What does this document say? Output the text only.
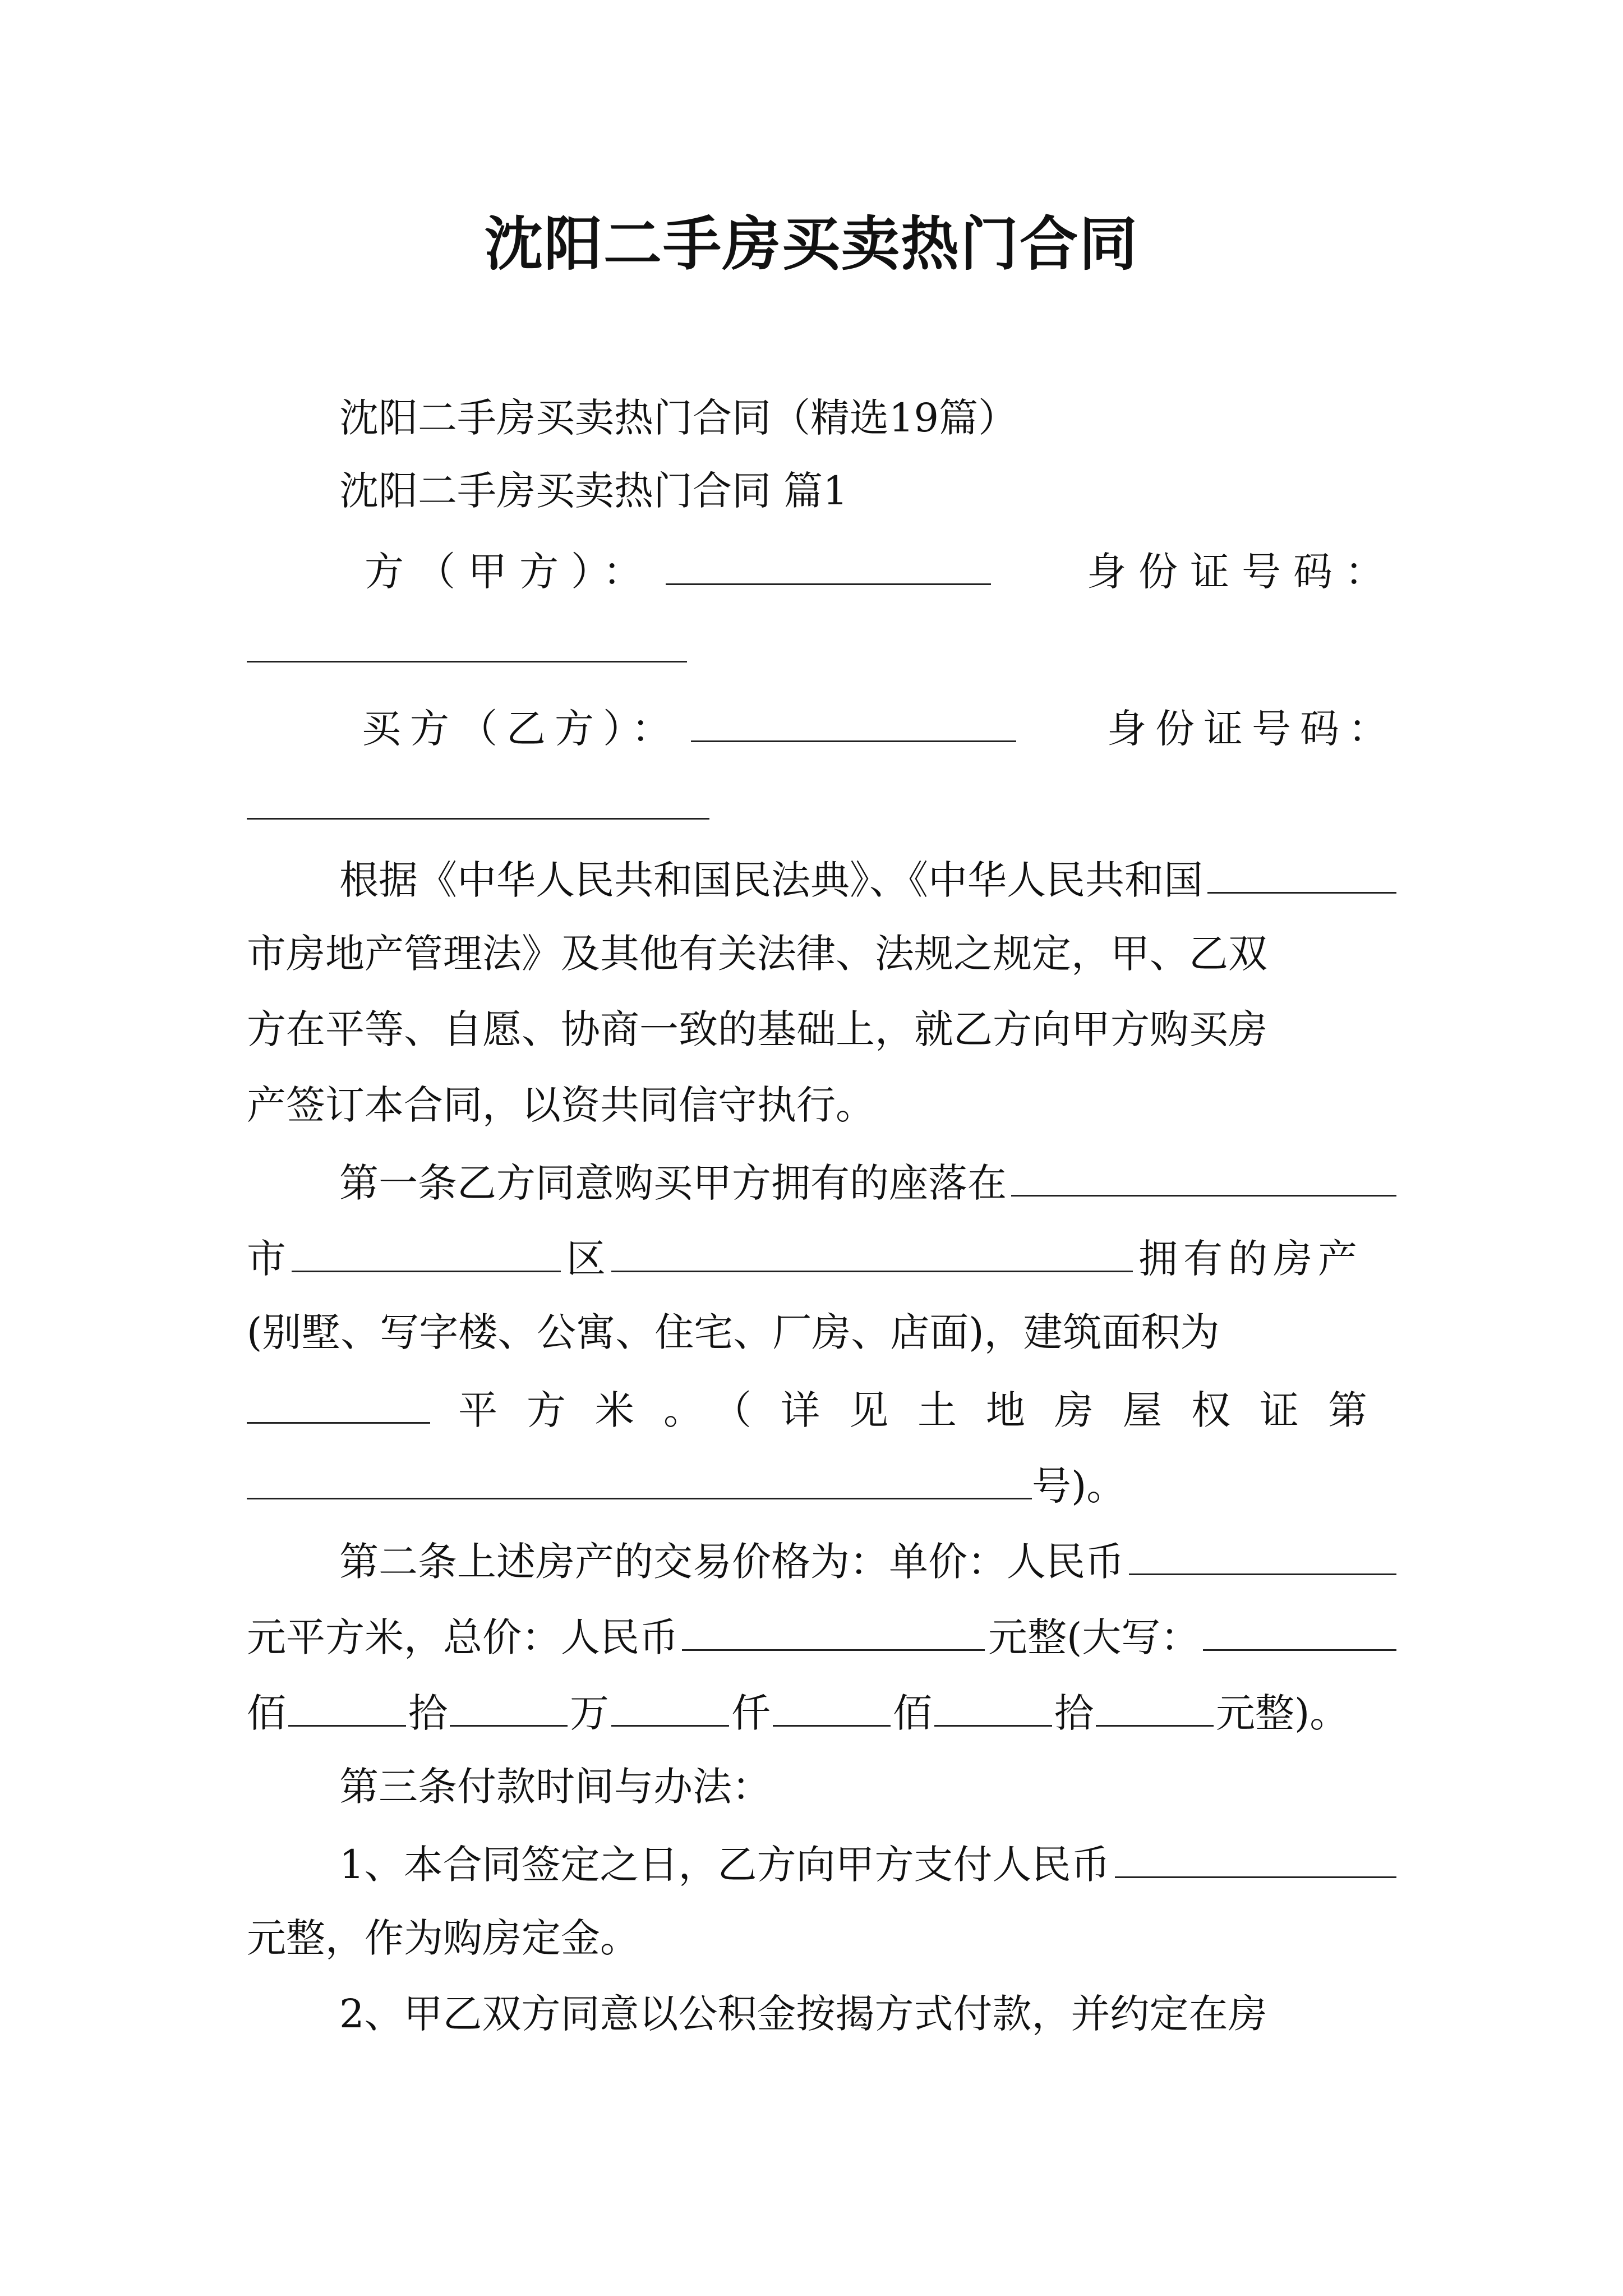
沈阳二手房买卖热门合同
沈阳二手房买卖热门合同（精选19篇）
沈阳二手房买卖热门合同 篇1
方（甲方）：	身份证号码：
买方（乙方）：	身份证号码：
根据《中华人民共和国民法典》、《中华人民共和国
市房地产管理法》及其他有关法律、法规之规定，甲、乙双
方在平等、自愿、协商一致的基础上，就乙方向甲方购买房
产签订本合同，以资共同信守执行。
第一条乙方同意购买甲方拥有的座落在
市	区	拥有的房产
(别墅、写字楼、公寓、住宅、厂房、店面)，建筑面积为
平方米。（详见土地房屋权证第
号)。
第二条上述房产的交易价格为：单价：人民币
元平方米，总价：人民币	元整(大写：
佰	拾	万	仟	佰	拾	元整)。
第三条付款时间与办法：
1、本合同签定之日，乙方向甲方支付人民币
元整，作为购房定金。
2、甲乙双方同意以公积金按揭方式付款，并约定在房
